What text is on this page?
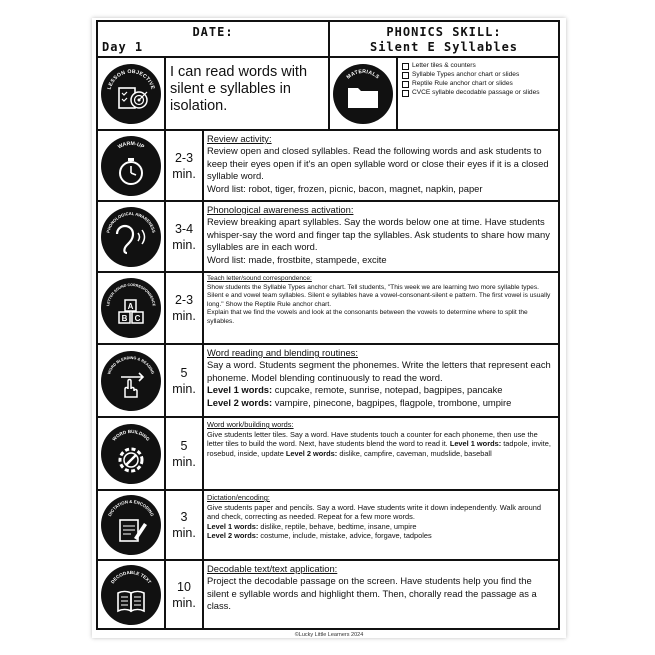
DATE:
Day 1
PHONICS SKILL:
Silent E Syllables
LESSON OBJECTIVE
I can read words with silent e syllables in isolation.
MATERIALS
Letter tiles & counters
Syllable Types anchor chart or slides
Reptile Rule anchor chart or slides
CVCE syllable decodable passage or slides
WARM-UP
2-3
min.
Review activity:
Review open and closed syllables. Read the following words and ask students to keep their eyes open if it's an open syllable word or close their eyes if it is a closed syllable word.
Word list: robot, tiger, frozen, picnic, bacon, magnet, napkin, paper
PHONOLOGICAL AWARENESS 3-4
min.
Phonological awareness activation:
Review breaking apart syllables. Say the words below one at time. Have students whisper-say the word and finger tap the syllables. Ask students to share how many syllables are in each word.
Word list: made, frostbite, stampede, excite
LETTER SOUND CORRESPONDENCE
A
B C
2-3
min.
Teach letter/sound correspondence:
Show students the Syllable Types anchor chart. Tell students, "This week we are learning two more syllable types. Silent e and vowel team syllables. Silent e syllables have a vowel-consonant-silent e pattern. The first vowel is usually long." Show the Reptile Rule anchor chart.
Explain that we find the vowels and look at the consonants between the vowels to determine where to split the syllables.
WORD BLENDING & READING 5
min.
Word reading and blending routines:
Say a word. Students segment the phonemes. Write the letters that represent each phoneme. Model blending continuously to read the word.
Level 1 words: cupcake, remote, sunrise, notepad, bagpipes, pancake
Level 2 words: vampire, pinecone, bagpipes, flagpole, trombone, umpire
WORD BUILDING
5
min.
Word work/building words:
Give students letter tiles. Say a word. Have students touch a counter for each phoneme, then use the letter tiles to build the word. Next, have students blend the word to read it. Level 1 words: tadpole, invite, rosebud, inside, update Level 2 words: dislike, campfire, caveman, mudslide, baseball
DICTATION & ENCODING 3
min.
Dictation/encoding:
Give students paper and pencils. Say a word. Have students write it down independently. Walk around and check, correcting as needed. Repeat for a few more words.
Level 1 words: dislike, reptile, behave, bedtime, insane, umpire
Level 2 words: costume, include, mistake, advice, forgave, tadpoles
DECODABLE TEXT 10
min.
Decodable text/text application:
Project the decodable passage on the screen. Have students help you find the silent e syllable words and highlight them. Then, chorally read the passage as a class.
©Lucky Little Learners 2024
